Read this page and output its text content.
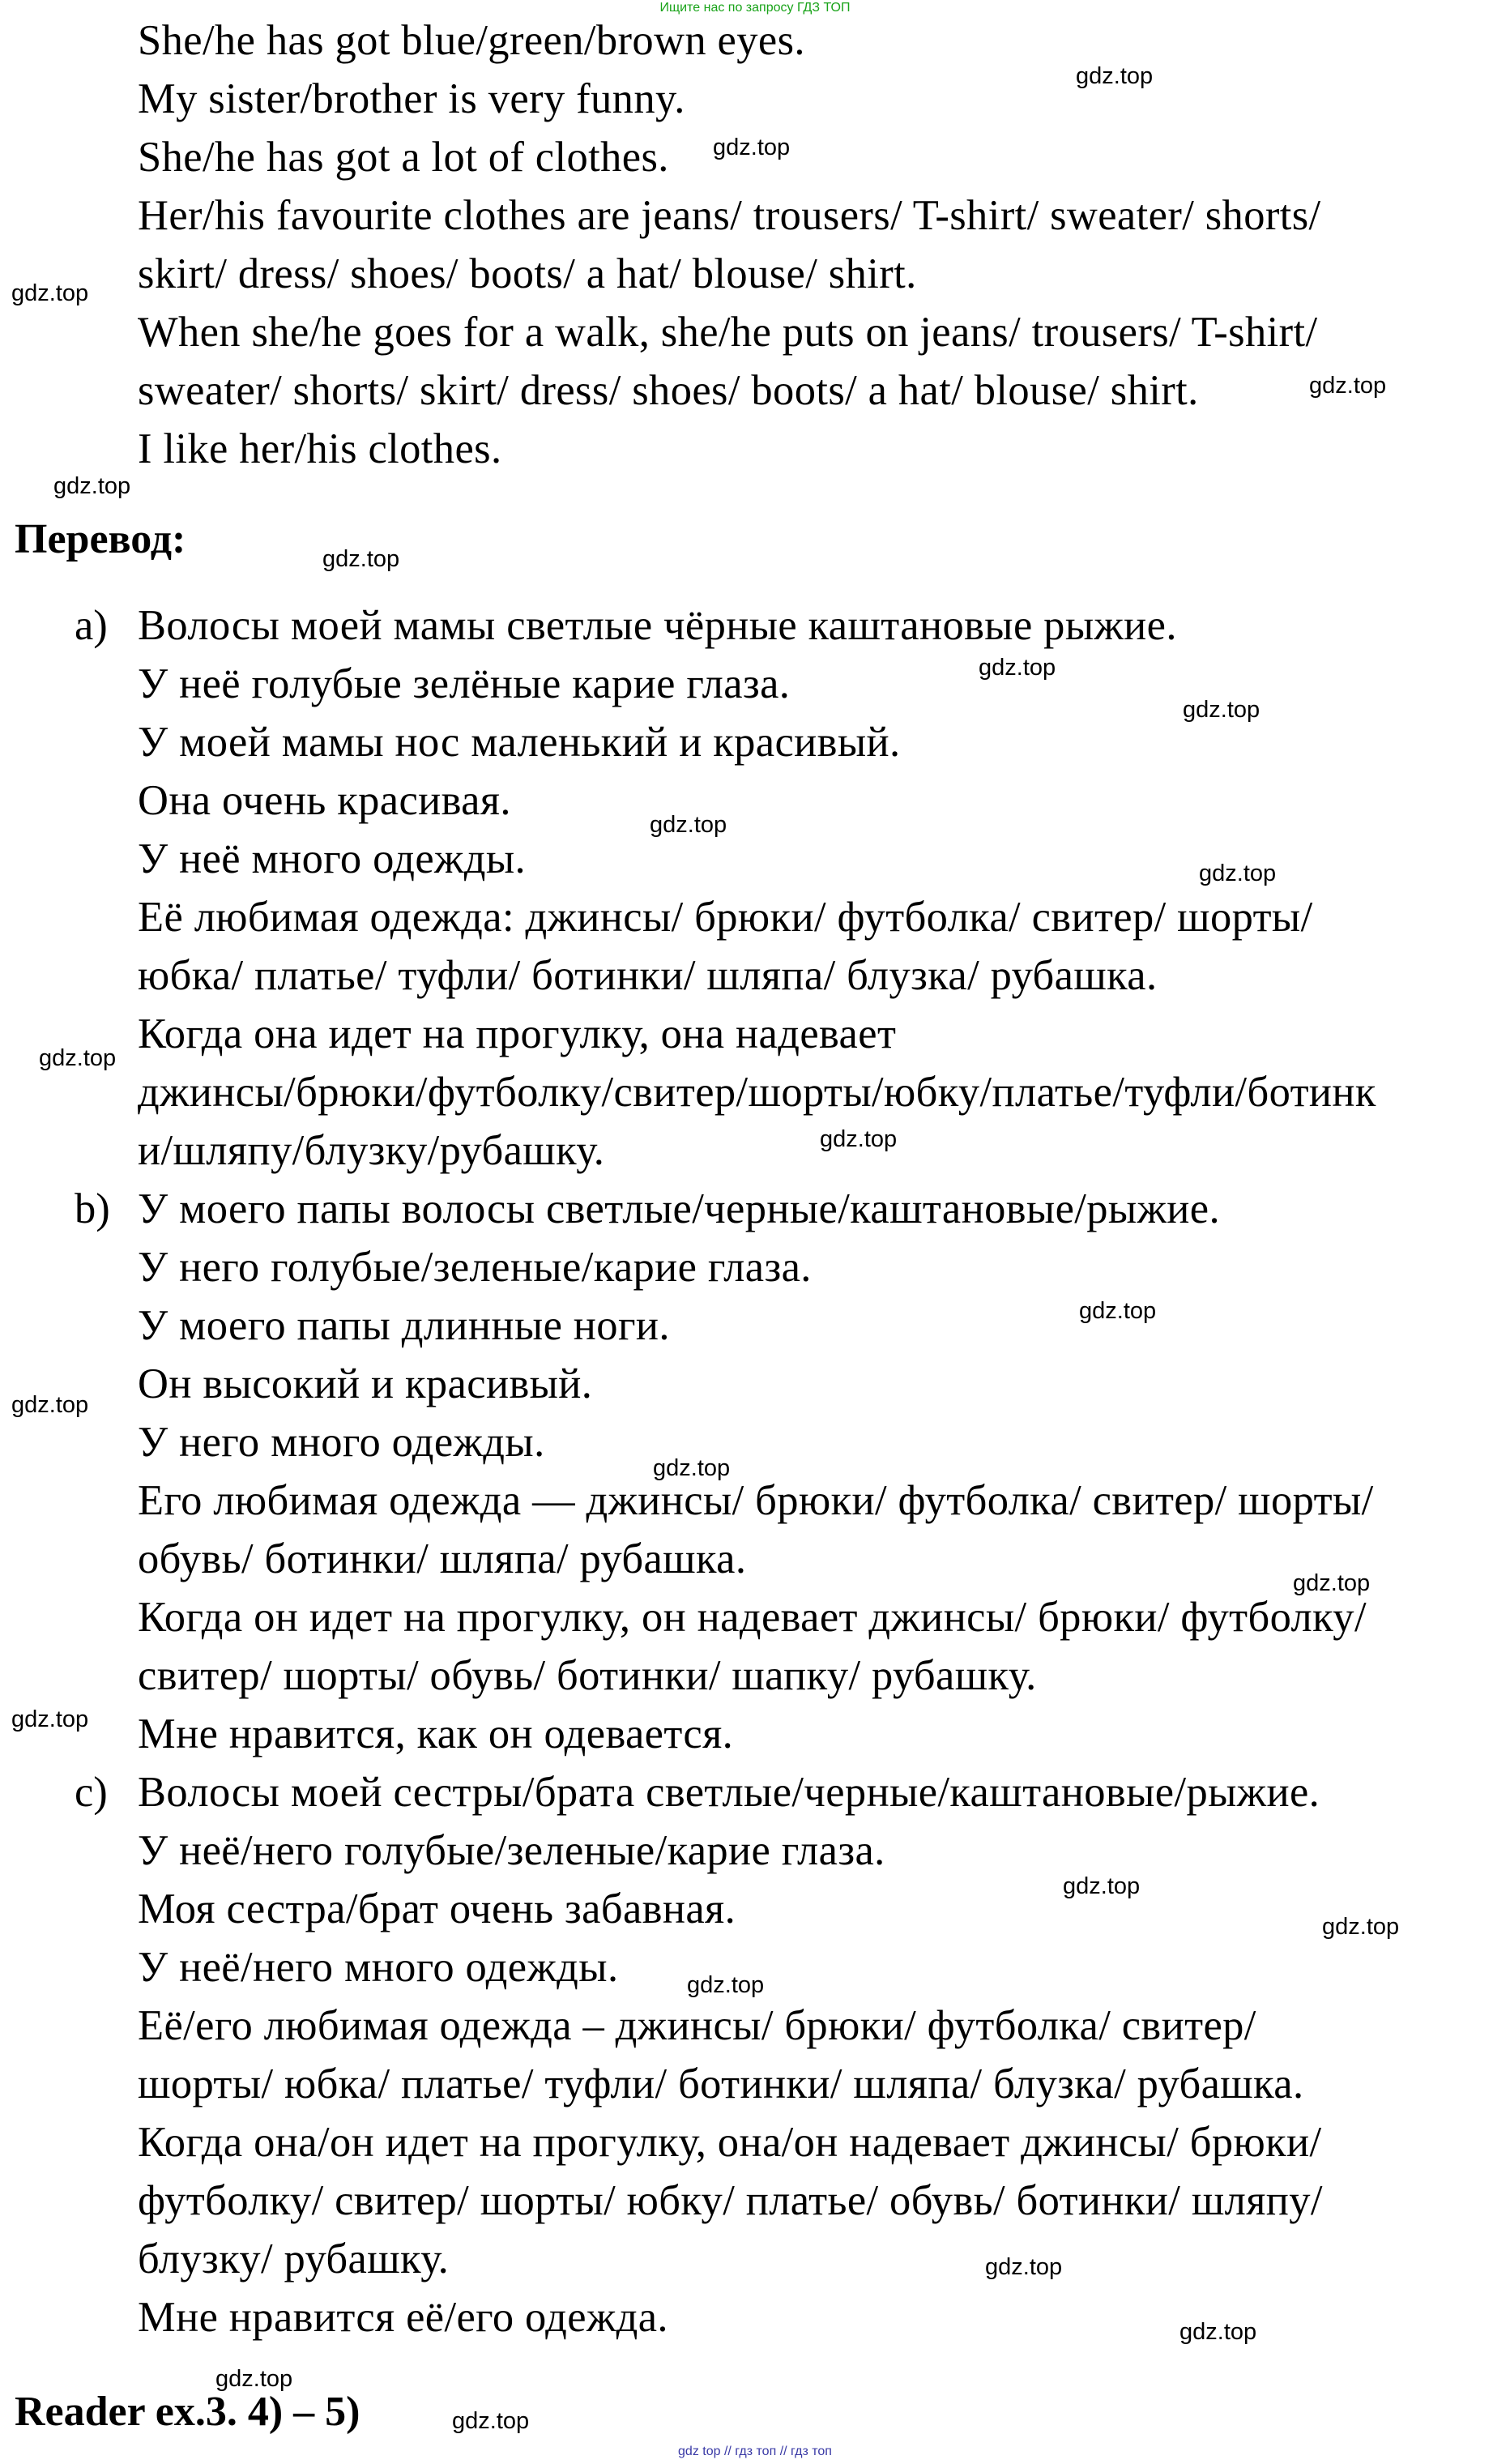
Ищите нас по запросу ГДЗ ТОП
She/he has got blue/green/brown eyes.
My sister/brother is very funny.
She/he has got a lot of clothes.
Her/his favourite clothes are jeans/ trousers/ T-shirt/ sweater/ shorts/
skirt/ dress/ shoes/ boots/ a hat/ blouse/ shirt.
When she/he goes for a walk, she/he puts on jeans/ trousers/ T-shirt/
sweater/ shorts/ skirt/ dress/ shoes/ boots/ a hat/ blouse/ shirt.
I like her/his clothes.
Перевод:
a) Волосы моей мамы светлые чёрные каштановые рыжие.
У неё голубые зелёные карие глаза.
У моей мамы нос маленький и красивый.
Она очень красивая.
У неё много одежды.
Её любимая одежда: джинсы/ брюки/ футболка/ свитер/ шорты/
юбка/ платье/ туфли/ ботинки/ шляпа/ блузка/ рубашка.
Когда она идет на прогулку, она надевает
джинсы/брюки/футболку/свитер/шорты/юбку/платье/туфли/ботинк
и/шляпу/блузку/рубашку.
b) У моего папы волосы светлые/черные/каштановые/рыжие.
У него голубые/зеленые/карие глаза.
У моего папы длинные ноги.
Он высокий и красивый.
У него много одежды.
Его любимая одежда — джинсы/ брюки/ футболка/ свитер/ шорты/
обувь/ ботинки/ шляпа/ рубашка.
Когда он идет на прогулку, он надевает джинсы/ брюки/ футболку/
свитер/ шорты/ обувь/ ботинки/ шапку/ рубашку.
Мне нравится, как он одевается.
c) Волосы моей сестры/брата светлые/черные/каштановые/рыжие.
У неё/него голубые/зеленые/карие глаза.
Моя сестра/брат очень забавная.
У неё/него много одежды.
Её/его любимая одежда – джинсы/ брюки/ футболка/ свитер/
шорты/ юбка/ платье/ туфли/ ботинки/ шляпа/ блузка/ рубашка.
Когда она/он идет на прогулку, она/он надевает джинсы/ брюки/
футболку/ свитер/ шорты/ юбку/ платье/ обувь/ ботинки/ шляпу/
блузку/ рубашку.
Мне нравится её/его одежда.
Reader ex.3. 4) – 5)
gdz.top
gdz.top
gdz.top
gdz.top
gdz.top
gdz.top
gdz.top
gdz.top
gdz.top
gdz.top
gdz.top
gdz.top
gdz.top
gdz.top
gdz.top
gdz.top
gdz.top
gdz.top
gdz.top
gdz.top
gdz.top
gdz.top
gdz.top
gdz.top
gdz top // гдз топ // гдз топ
